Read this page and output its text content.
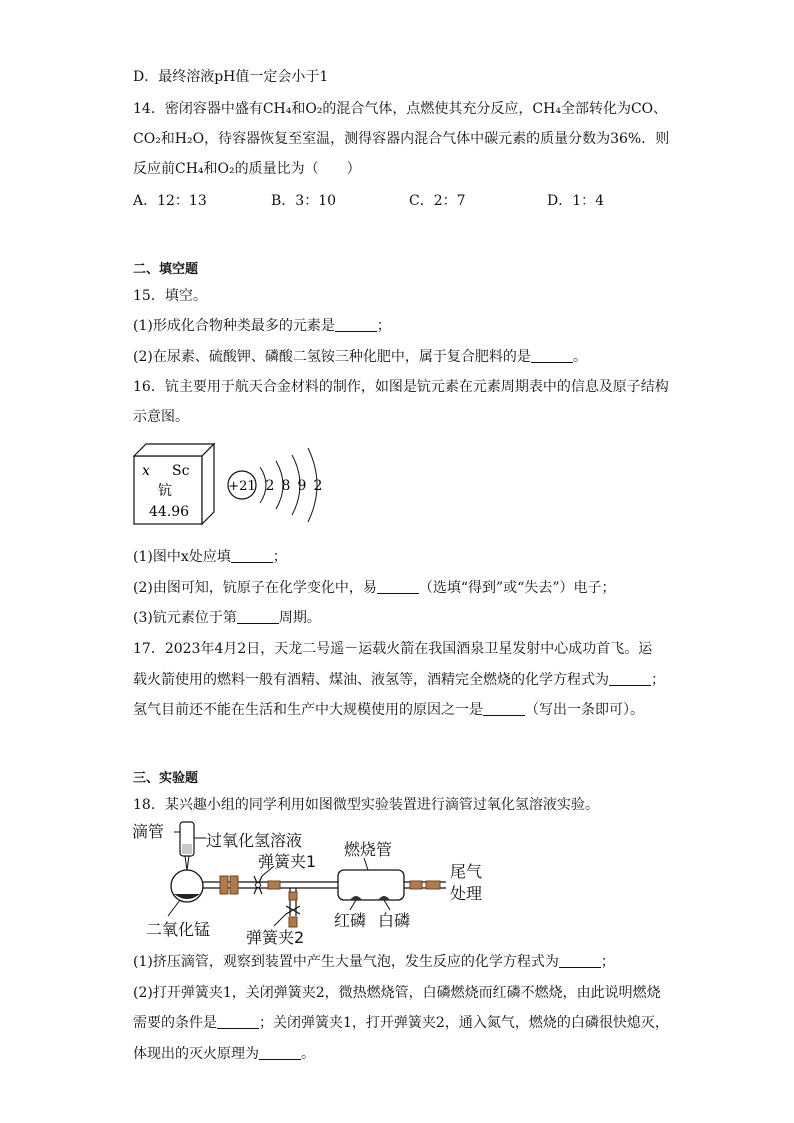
D．最终溶液pH值一定会小于1
14．密闭容器中盛有CH₄和O₂的混合气体，点燃使其充分反应，CH₄全部转化为CO、
CO₂和H₂O，待容器恢复至室温，测得容器内混合气体中碳元素的质量分数为36%．则
反应前CH₄和O₂的质量比为（　　）
A．12：13	B．3：10	C．2：7	D．1：4
二、填空题
15．填空。
(1)形成化合物种类最多的元素是	；
(2)在尿素、硫酸钾、磷酸二氢铵三种化肥中，属于复合肥料的是	。
16．钪主要用于航天合金材料的制作，如图是钪元素在元素周期表中的信息及原子结构
示意图。
x Sc
钪
44.96
+21 2 8 9 2
(1)图中x处应填	；
(2)由图可知，钪原子在化学变化中，易	（选填“得到”或“失去”）电子；
(3)钪元素位于第	周期。
17．2023年4月2日，天龙二号遥－运载火箭在我国酒泉卫星发射中心成功首飞。运
载火箭使用的燃料一般有酒精、煤油、液氢等，酒精完全燃烧的化学方程式为	；
氢气目前还不能在生活和生产中大规模使用的原因之一是	（写出一条即可）。
三、实验题
18．某兴趣小组的同学利用如图微型实验装置进行滴管过氧化氢溶液实验。
滴管	过氧化氢溶液
弹簧夹1
燃烧管
尾气
处理
二氧化锰	红磷 白磷
弹簧夹2
(1)挤压滴管，观察到装置中产生大量气泡，发生反应的化学方程式为	；
(2)打开弹簧夹1，关闭弹簧夹2，微热燃烧管，白磷燃烧而红磷不燃烧，由此说明燃烧
需要的条件是	；关闭弹簧夹1，打开弹簧夹2，通入氮气，燃烧的白磷很快熄灭，
体现出的灭火原理为	。
